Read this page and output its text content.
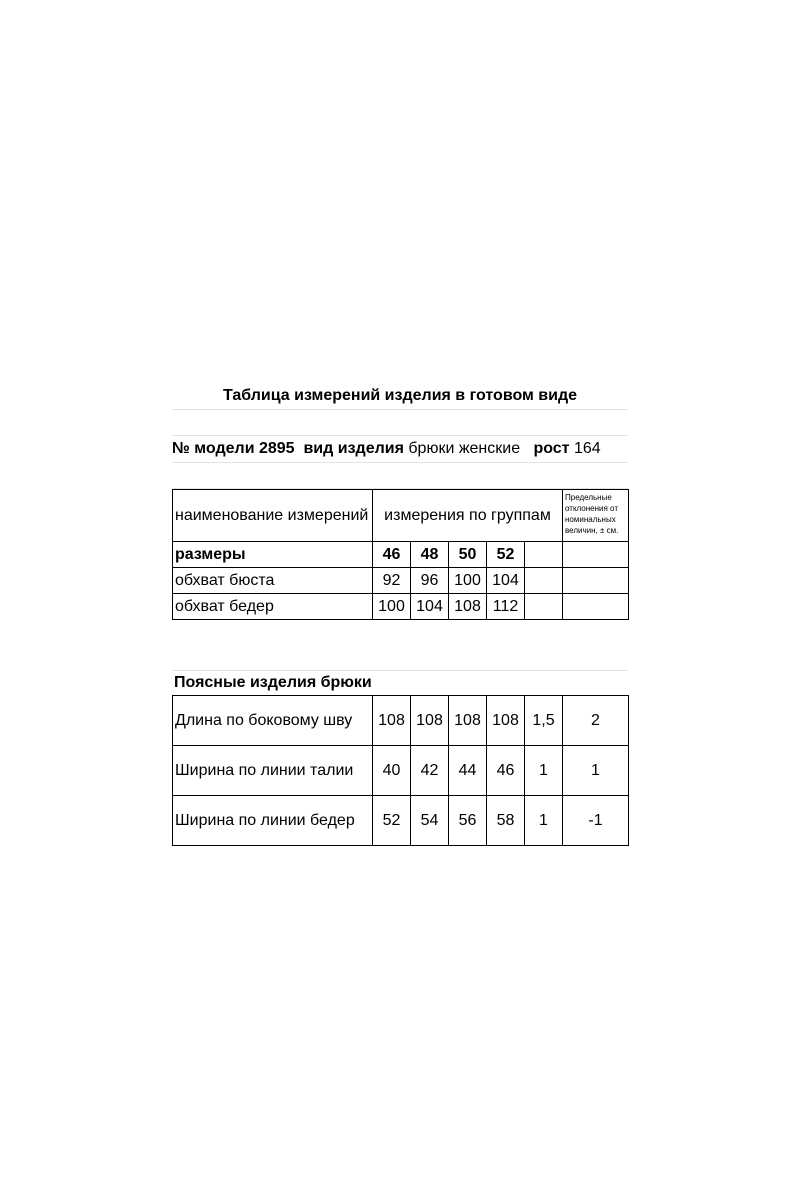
Таблица измерений изделия в готовом виде
№ модели 2895 вид изделия брюки женские рост 164
наименование измерений	измерения по группам					Предельные отклонения от номинальных величин, ± см.
размеры	46	48	50	52		
обхват бюста	92	96	100	104		
обхват бедер	100	104	108	112		
Поясные изделия брюки
Длина по боковому шву	108	108	108	108	1,5	2
Ширина по линии талии	40	42	44	46	1	1
Ширина по линии бедер	52	54	56	58	1	-1
